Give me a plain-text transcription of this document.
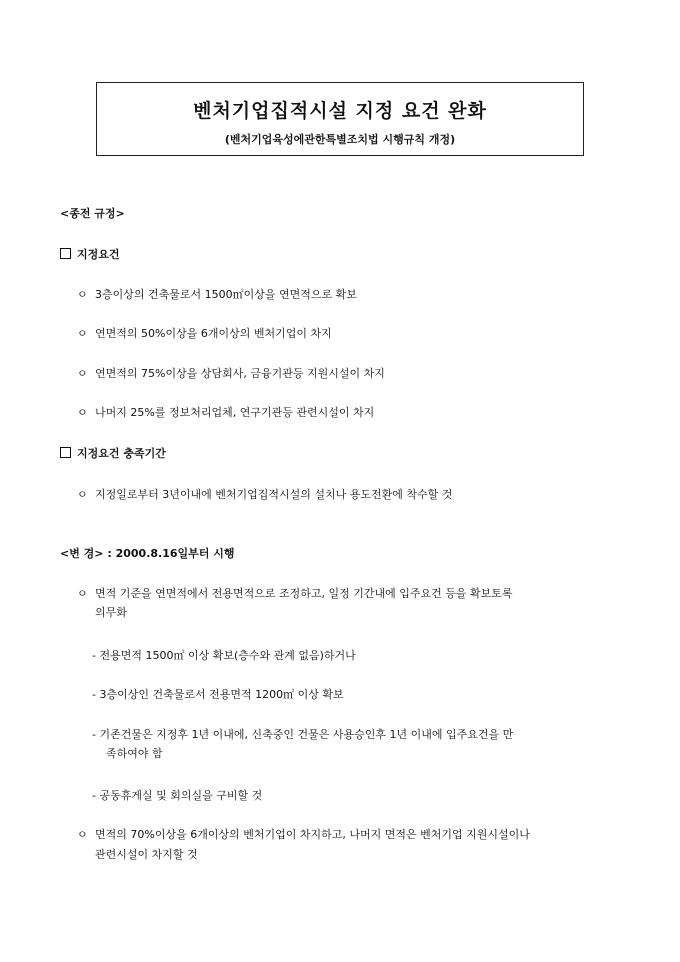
벤처기업집적시설 지정 요건 완화
(벤처기업육성에관한특별조치법 시행규칙 개정)
<종전 규정>
지정요건
ㅇ 3층이상의 건축물로서 1500㎡이상을 연면적으로 확보
ㅇ 연면적의 50%이상을 6개이상의 벤처기업이 차지
ㅇ 연면적의 75%이상을 상담회사, 금융기관등 지원시설이 차지
ㅇ 나머지 25%를 정보처리업체, 연구기관등 관련시설이 차지
지정요건 충족기간
ㅇ 지정일로부터 3년이내에 벤처기업집적시설의 설치나 용도전환에 착수할 것
<변 경> : 2000.8.16일부터 시행
ㅇ 면적 기준을 연면적에서 전용면적으로 조정하고, 일정 기간내에 입주요건 등을 확보토록
의무화
- 전용면적 1500㎡ 이상 확보(층수와 관계 없음)하거나
- 3층이상인 건축물로서 전용면적 1200㎡ 이상 확보
- 기존건물은 지정후 1년 이내에, 신축중인 건물은 사용승인후 1년 이내에 입주요건을 만
족하여야 함
- 공동휴게실 및 회의실을 구비할 것
ㅇ 면적의 70%이상을 6개이상의 벤처기업이 차지하고, 나머지 면적은 벤처기업 지원시설이나
관련시설이 차지할 것
